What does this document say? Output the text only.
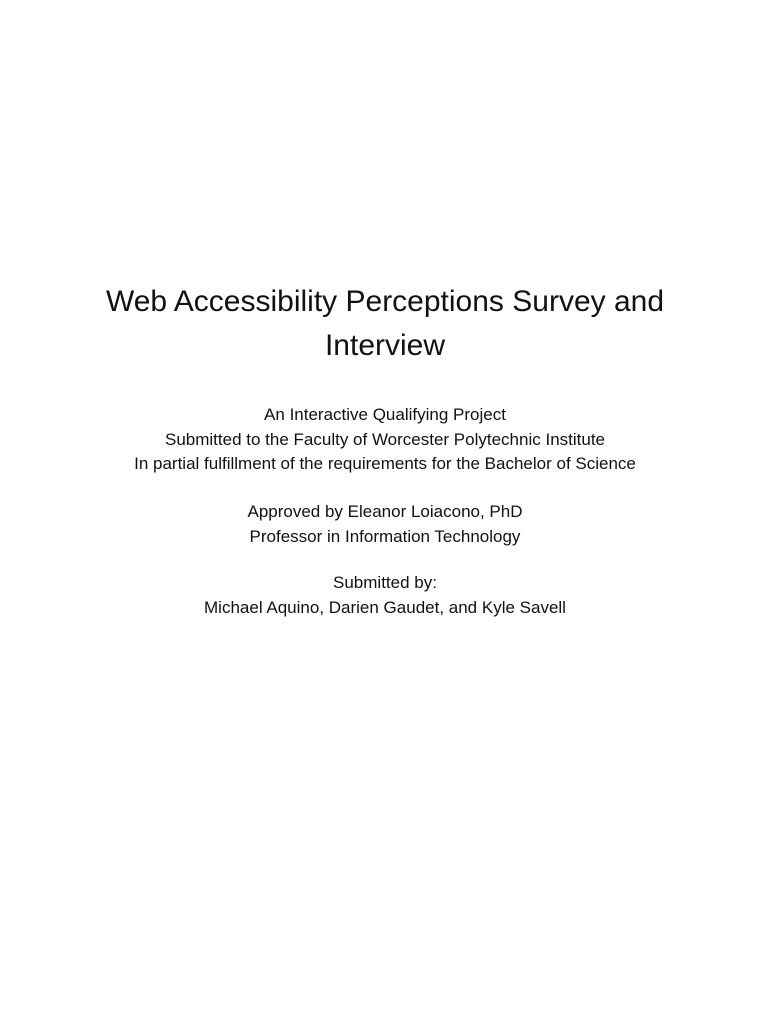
Web Accessibility Perceptions Survey and
Interview
An Interactive Qualifying Project
Submitted to the Faculty of Worcester Polytechnic Institute
In partial fulfillment of the requirements for the Bachelor of Science
Approved by Eleanor Loiacono, PhD
Professor in Information Technology
Submitted by:
Michael Aquino, Darien Gaudet, and Kyle Savell
